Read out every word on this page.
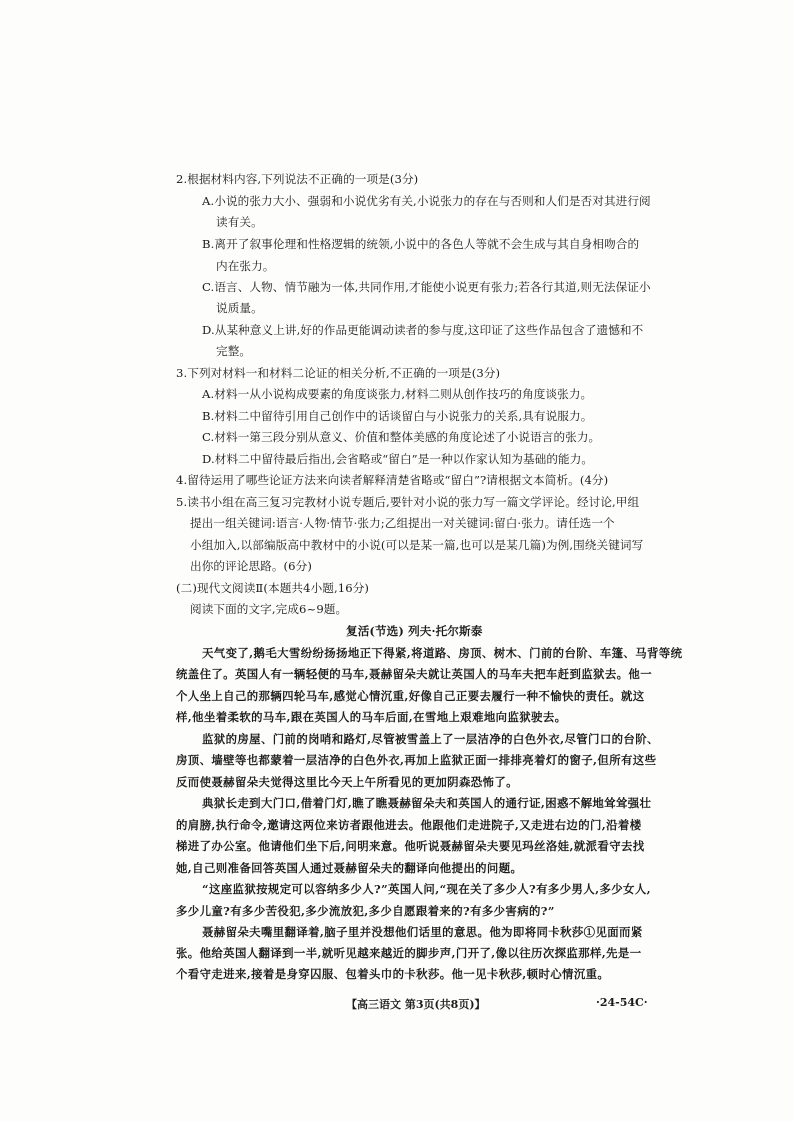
2.根据材料内容,下列说法不正确的一项是(3分)
A.小说的张力大小、强弱和小说优劣有关,小说张力的存在与否则和人们是否对其进行阅
读有关。
B.离开了叙事伦理和性格逻辑的统领,小说中的各色人等就不会生成与其自身相吻合的
内在张力。
C.语言、人物、情节融为一体,共同作用,才能使小说更有张力;若各行其道,则无法保证小
说质量。
D.从某种意义上讲,好的作品更能调动读者的参与度,这印证了这些作品包含了遗憾和不
完整。
3.下列对材料一和材料二论证的相关分析,不正确的一项是(3分)
A.材料一从小说构成要素的角度谈张力,材料二则从创作技巧的角度谈张力。
B.材料二中留待引用自己创作中的话谈留白与小说张力的关系,具有说服力。
C.材料一第三段分别从意义、价值和整体美感的角度论述了小说语言的张力。
D.材料二中留待最后指出,会省略或“留白”是一种以作家认知为基础的能力。
4.留待运用了哪些论证方法来向读者解释清楚省略或“留白”?请根据文本简析。(4分)
5.读书小组在高三复习完教材小说专题后,要针对小说的张力写一篇文学评论。经讨论,甲组
提出一组关键词:语言·人物·情节·张力;乙组提出一对关键词:留白·张力。请任选一个
小组加入,以部编版高中教材中的小说(可以是某一篇,也可以是某几篇)为例,围绕关键词写
出你的评论思路。(6分)
(二)现代文阅读Ⅱ(本题共4小题,16分)
阅读下面的文字,完成6~9题。
复活(节选) 列夫·托尔斯泰
天气变了,鹅毛大雪纷纷扬扬地正下得紧,将道路、房顶、树木、门前的台阶、车篷、马背等统
统盖住了。英国人有一辆轻便的马车,聂赫留朵夫就让英国人的马车夫把车赶到监狱去。他一
个人坐上自己的那辆四轮马车,感觉心情沉重,好像自己正要去履行一种不愉快的责任。就这
样,他坐着柔软的马车,跟在英国人的马车后面,在雪地上艰难地向监狱驶去。
监狱的房屋、门前的岗哨和路灯,尽管被雪盖上了一层洁净的白色外衣,尽管门口的台阶、
房顶、墙壁等也都蒙着一层洁净的白色外衣,再加上监狱正面一排排亮着灯的窗子,但所有这些
反而使聂赫留朵夫觉得这里比今天上午所看见的更加阴森恐怖了。
典狱长走到大门口,借着门灯,瞧了瞧聂赫留朵夫和英国人的通行证,困惑不解地耸耸强壮
的肩膀,执行命令,邀请这两位来访者跟他进去。他跟他们走进院子,又走进右边的门,沿着楼
梯进了办公室。他请他们坐下后,问明来意。他听说聂赫留朵夫要见玛丝洛娃,就派看守去找
她,自己则准备回答英国人通过聂赫留朵夫的翻译向他提出的问题。
“这座监狱按规定可以容纳多少人?”英国人问,“现在关了多少人?有多少男人,多少女人,
多少儿童?有多少苦役犯,多少流放犯,多少自愿跟着来的?有多少害病的?”
聂赫留朵夫嘴里翻译着,脑子里并没想他们话里的意思。他为即将同卡秋莎①见面而紧
张。他给英国人翻译到一半,就听见越来越近的脚步声,门开了,像以往历次探监那样,先是一
个看守走进来,接着是身穿囚服、包着头巾的卡秋莎。他一见卡秋莎,顿时心情沉重。
【高三语文 第3页(共8页)】	·24-54C·
